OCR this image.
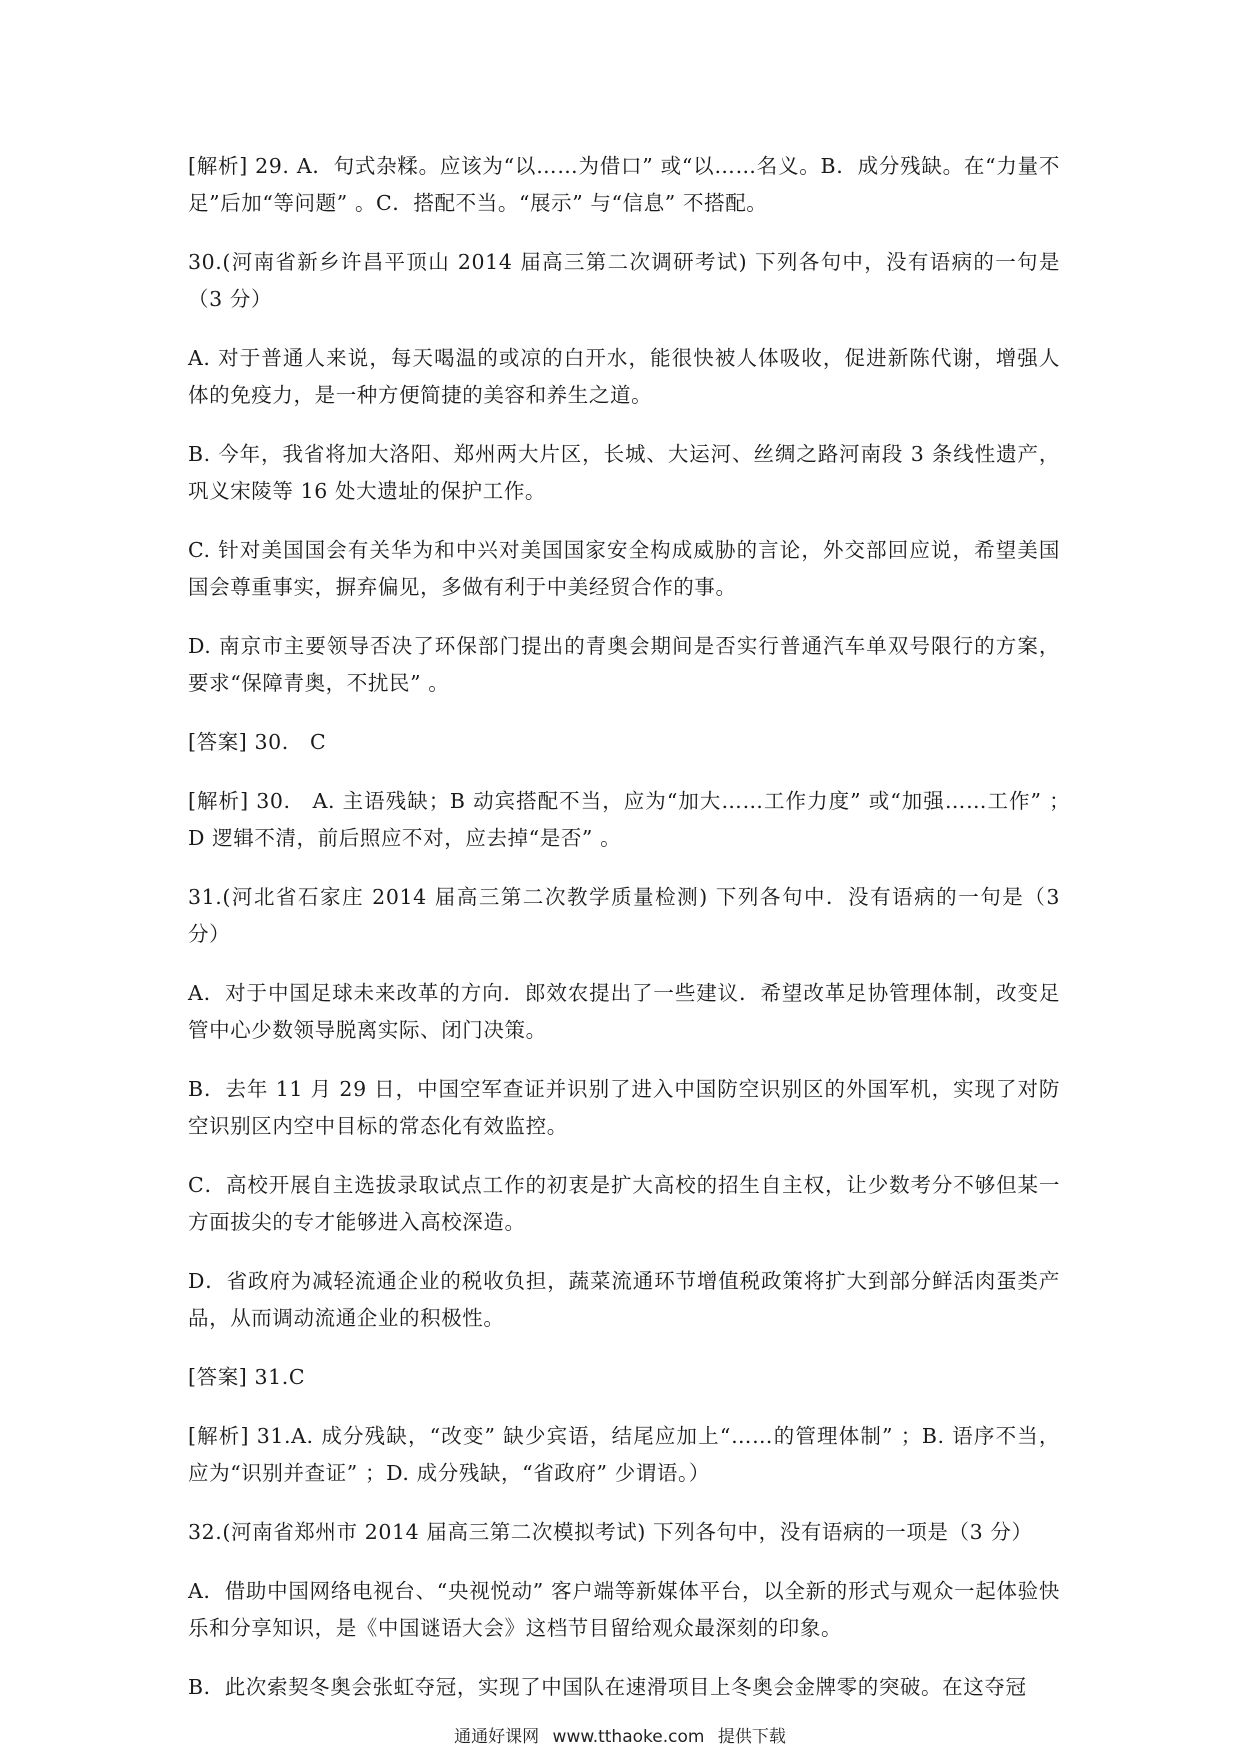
[解析] 29. A．句式杂糅。应该为“以……为借口” 或“以……名义。B．成分残缺。在“力量不足”后加“等问题” 。C．搭配不当。“展示” 与“信息” 不搭配。

30.(河南省新乡许昌平顶山 2014 届高三第二次调研考试) 下列各句中，没有语病的一句是（3 分）

A. 对于普通人来说，每天喝温的或凉的白开水，能很快被人体吸收，促进新陈代谢，增强人体的免疫力，是一种方便简捷的美容和养生之道。

B. 今年，我省将加大洛阳、郑州两大片区，长城、大运河、丝绸之路河南段 3 条线性遗产，巩义宋陵等 16 处大遗址的保护工作。

C. 针对美国国会有关华为和中兴对美国国家安全构成威胁的言论，外交部回应说，希望美国国会尊重事实，摒弃偏见，多做有利于中美经贸合作的事。

D. 南京市主要领导否决了环保部门提出的青奥会期间是否实行普通汽车单双号限行的方案，要求“保障青奥，不扰民” 。

[答案] 30.　C

[解析] 30.　A. 主语残缺；B 动宾搭配不当，应为“加大……工作力度” 或“加强……工作” ；　D 逻辑不清，前后照应不对，应去掉“是否” 。

31.(河北省石家庄 2014 届高三第二次教学质量检测) 下列各句中．没有语病的一句是（3 分）

A．对于中国足球未来改革的方向．郎效农提出了一些建议．希望改革足协管理体制，改变足管中心少数领导脱离实际、闭门决策。

B．去年 11 月 29 日，中国空军查证并识别了进入中国防空识别区的外国军机，实现了对防空识别区内空中目标的常态化有效监控。

C．高校开展自主选拔录取试点工作的初衷是扩大高校的招生自主权，让少数考分不够但某一方面拔尖的专才能够进入高校深造。

D．省政府为减轻流通企业的税收负担，蔬菜流通环节增值税政策将扩大到部分鲜活肉蛋类产品，从而调动流通企业的积极性。

[答案] 31.C

[解析] 31.A. 成分残缺，“改变” 缺少宾语，结尾应加上“……的管理体制” ；B. 语序不当，应为“识别并查证” ；D. 成分残缺，“省政府” 少谓语。）

32.(河南省郑州市 2014 届高三第二次模拟考试) 下列各句中，没有语病的一项是（3 分）

A．借助中国网络电视台、“央视悦动” 客户端等新媒体平台，以全新的形式与观众一起体验快乐和分享知识，是《中国谜语大会》这档节目留给观众最深刻的印象。

B．此次索契冬奥会张虹夺冠，实现了中国队在速滑项目上冬奥会金牌零的突破。在这夺冠

通通好课网 www.tthaoke.com 提供下载
